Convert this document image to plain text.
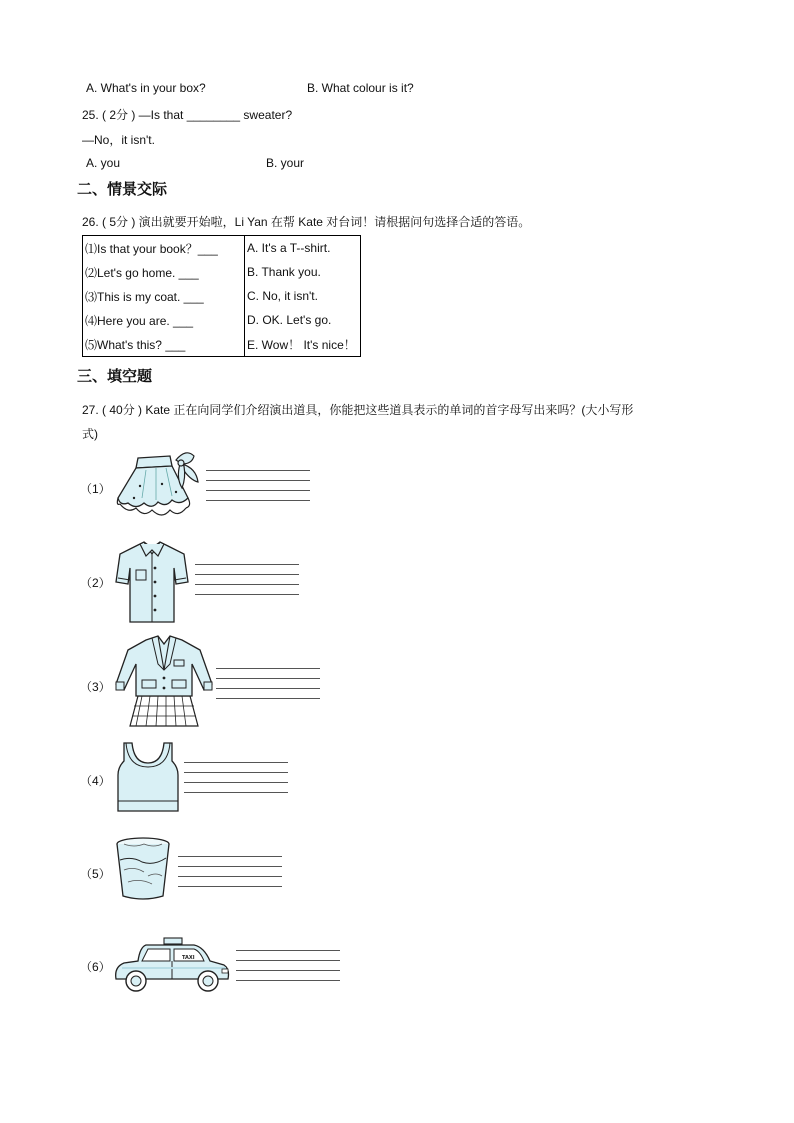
A. What's in your box?	B. What colour is it?
25. ( 2分 ) —Is that ________ sweater?
—No，it isn't.
A. you	B. your
二、情景交际
26. ( 5分 ) 演出就要开始啦，Li Yan 在帮 Kate 对台词！请根据问句选择合适的答语。
⑴Is that your book？___	A. It's a T--shirt.
⑵Let's go home. ___	B. Thank you.
⑶This is my coat. ___	C. No, it isn't.
⑷Here you are. ___	D. OK. Let's go.
⑸What's this? ___	E. Wow！ It's nice！
三、填空题
27. ( 40分 ) Kate 正在向同学们介绍演出道具，你能把这些道具表示的单词的首字母写出来吗？(大小写形
式)
（1）
（2）
（3）
（4）
（5）
（6）
TAXI
